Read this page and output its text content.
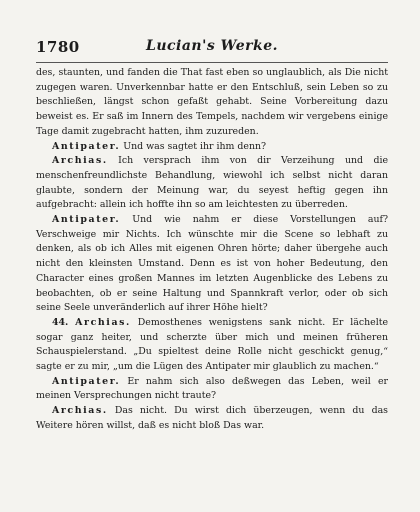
1780	Lucian's Werke.

des, staunten, und fanden die That fast eben so unglaublich, als Die nicht zugegen waren. Unverkennbar hatte er den Entschluß, sein Leben so zu beschließen, längst schon gefaßt gehabt. Seine Vorbereitung dazu beweist es. Er saß im Innern des Tempels, nachdem wir vergebens einige Tage damit zugebracht hatten, ihm zuzureden.

Antipater. Und was sagtet ihr ihm denn?

Archias. Ich versprach ihm von dir Verzeihung und die menschenfreundlichste Behandlung, wiewohl ich selbst nicht daran glaubte, sondern der Meinung war, du seyest heftig gegen ihn aufgebracht: allein ich hoffte ihn so am leichtesten zu überreden.

Antipater. Und wie nahm er diese Vorstellungen auf? Verschweige mir Nichts. Ich wünschte mir die Scene so lebhaft zu denken, als ob ich Alles mit eigenen Ohren hörte; daher übergehe auch nicht den kleinsten Umstand. Denn es ist von hoher Bedeutung, den Character eines großen Mannes im letzten Augenblicke des Lebens zu beobachten, ob er seine Haltung und Spannkraft verlor, oder ob sich seine Seele unveränderlich auf ihrer Höhe hielt?

44. Archias. Demosthenes wenigstens sank nicht. Er lächelte sogar ganz heiter, und scherzte über mich und meinen früheren Schauspielerstand. „Du spieltest deine Rolle nicht geschickt genug,“ sagte er zu mir, „um die Lügen des Antipater mir glaublich zu machen.“

Antipater. Er nahm sich also deßwegen das Leben, weil er meinen Versprechungen nicht traute?

Archias. Das nicht. Du wirst dich überzeugen, wenn du das Weitere hören willst, daß es nicht bloß Das war.
